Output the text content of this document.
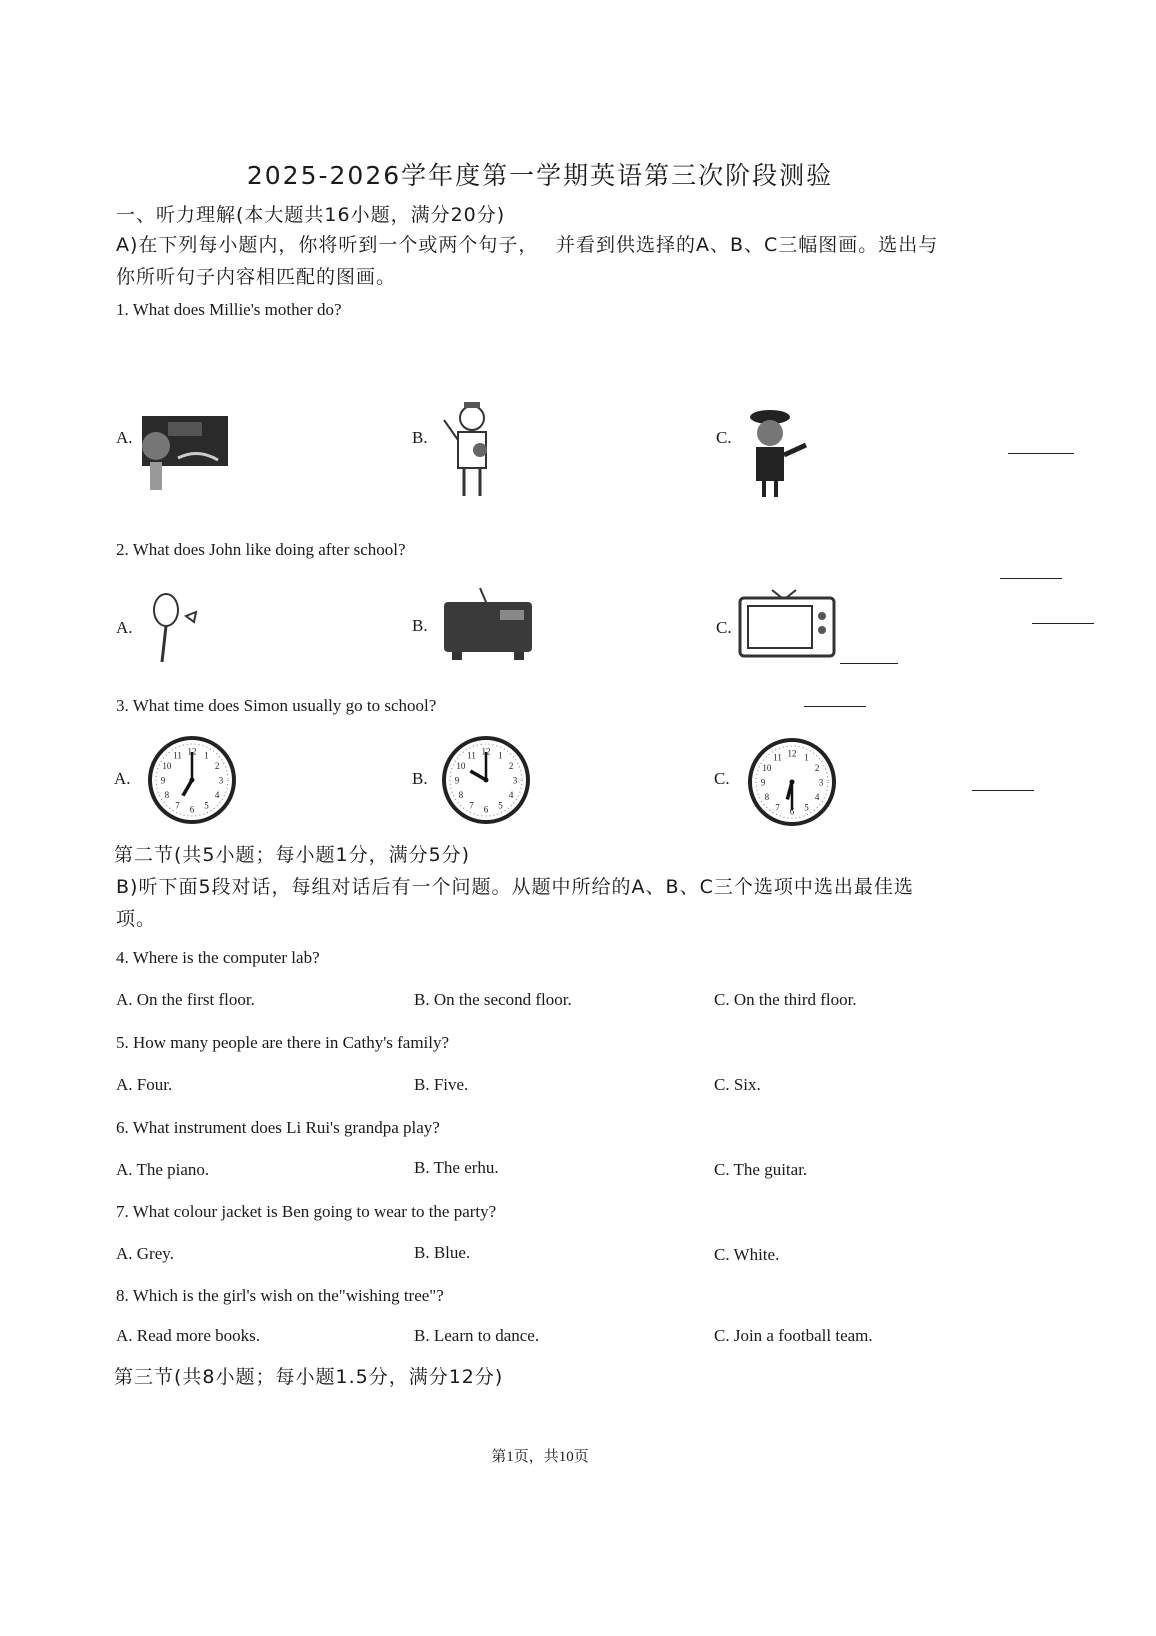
2025-2026学年度第一学期英语第三次阶段测验
一、听力理解(本大题共16小题，满分20分)
A)在下列每小题内，你将听到一个或两个句子，　 并看到供选择的A、B、C三幅图画。选出与
你所听句子内容相匹配的图画。
1. What does Millie's mother do?
A.	B.	C.
2. What does John like doing after school?
A.	B.	C.
3. What time does Simon usually go to school?
A.	B.	C.
12 1
2
3
4
5
6
7
8
9
10
11	12 1
2
3
4
5
6
7
8
9
10
11	12 1
2
3
4
5
6
7
8
9
10
11
第二节(共5小题；每小题1分，满分5分)
B)听下面5段对话，每组对话后有一个问题。从题中所给的A、B、C三个选项中选出最佳选
项。
4. Where is the computer lab?
A. On the first floor.	B. On the second floor.	C. On the third floor.
5. How many people are there in Cathy's family?
A. Four.	B. Five.	C. Six.
6. What instrument does Li Rui's grandpa play?
A. The piano.	B. The erhu.	C. The guitar.
7. What colour jacket is Ben going to wear to the party?
A. Grey.	B. Blue.	C. White.
8. Which is the girl's wish on the"wishing tree"?
A. Read more books.	B. Learn to dance.	C. Join a football team.
第三节(共8小题；每小题1.5分，满分12分)
第1页，共10页
